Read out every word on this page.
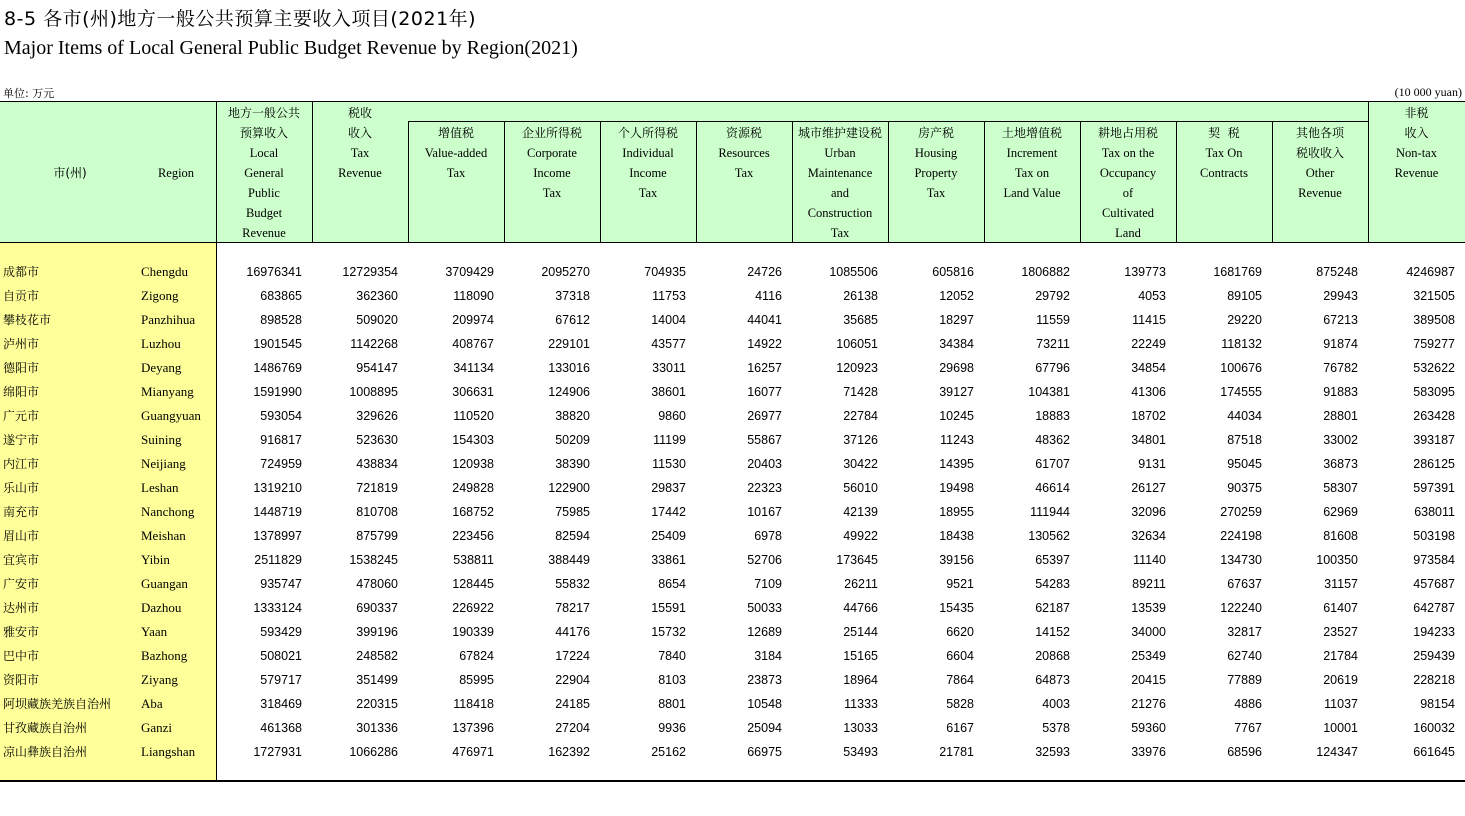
8-5 各市(州)地方一般公共预算主要收入项目(2021年)
Major Items of Local General Public Budget Revenue by Region(2021)
单位: 万元	(10 000 yuan)
市(州)	Region
地方一般公共
预算收入
Local
General
Public
Budget
Revenue
税收
收入
Tax
Revenue
增值税
Value-added
Tax
企业所得税
Corporate
Income
Tax
个人所得税
Individual
Income
Tax
资源税
Resources
Tax
城市维护建设税
Urban
Maintenance
and
Construction
Tax
房产税
Housing
Property
Tax
土地增值税
Increment
Tax on
Land Value
耕地占用税
Tax on the
Occupancy
of
Cultivated
Land
契  税
Tax On
Contracts
其他各项
税收收入
Other
Revenue
非税
收入
Non-tax
Revenue
成都市	Chengdu	16976341	12729354	3709429	2095270	704935	24726	1085506	605816	1806882	139773	1681769	875248	4246987
自贡市	Zigong	683865	362360	118090	37318	11753	4116	26138	12052	29792	4053	89105	29943	321505
攀枝花市	Panzhihua	898528	509020	209974	67612	14004	44041	35685	18297	11559	11415	29220	67213	389508
泸州市	Luzhou	1901545	1142268	408767	229101	43577	14922	106051	34384	73211	22249	118132	91874	759277
德阳市	Deyang	1486769	954147	341134	133016	33011	16257	120923	29698	67796	34854	100676	76782	532622
绵阳市	Mianyang	1591990	1008895	306631	124906	38601	16077	71428	39127	104381	41306	174555	91883	583095
广元市	Guangyuan	593054	329626	110520	38820	9860	26977	22784	10245	18883	18702	44034	28801	263428
遂宁市	Suining	916817	523630	154303	50209	11199	55867	37126	11243	48362	34801	87518	33002	393187
内江市	Neijiang	724959	438834	120938	38390	11530	20403	30422	14395	61707	9131	95045	36873	286125
乐山市	Leshan	1319210	721819	249828	122900	29837	22323	56010	19498	46614	26127	90375	58307	597391
南充市	Nanchong	1448719	810708	168752	75985	17442	10167	42139	18955	111944	32096	270259	62969	638011
眉山市	Meishan	1378997	875799	223456	82594	25409	6978	49922	18438	130562	32634	224198	81608	503198
宜宾市	Yibin	2511829	1538245	538811	388449	33861	52706	173645	39156	65397	11140	134730	100350	973584
广安市	Guangan	935747	478060	128445	55832	8654	7109	26211	9521	54283	89211	67637	31157	457687
达州市	Dazhou	1333124	690337	226922	78217	15591	50033	44766	15435	62187	13539	122240	61407	642787
雅安市	Yaan	593429	399196	190339	44176	15732	12689	25144	6620	14152	34000	32817	23527	194233
巴中市	Bazhong	508021	248582	67824	17224	7840	3184	15165	6604	20868	25349	62740	21784	259439
资阳市	Ziyang	579717	351499	85995	22904	8103	23873	18964	7864	64873	20415	77889	20619	228218
阿坝藏族羌族自治州 Aba	318469	220315	118418	24185	8801	10548	11333	5828	4003	21276	4886	11037	98154
甘孜藏族自治州	Ganzi	461368	301336	137396	27204	9936	25094	13033	6167	5378	59360	7767	10001	160032
凉山彝族自治州	Liangshan	1727931	1066286	476971	162392	25162	66975	53493	21781	32593	33976	68596	124347	661645
